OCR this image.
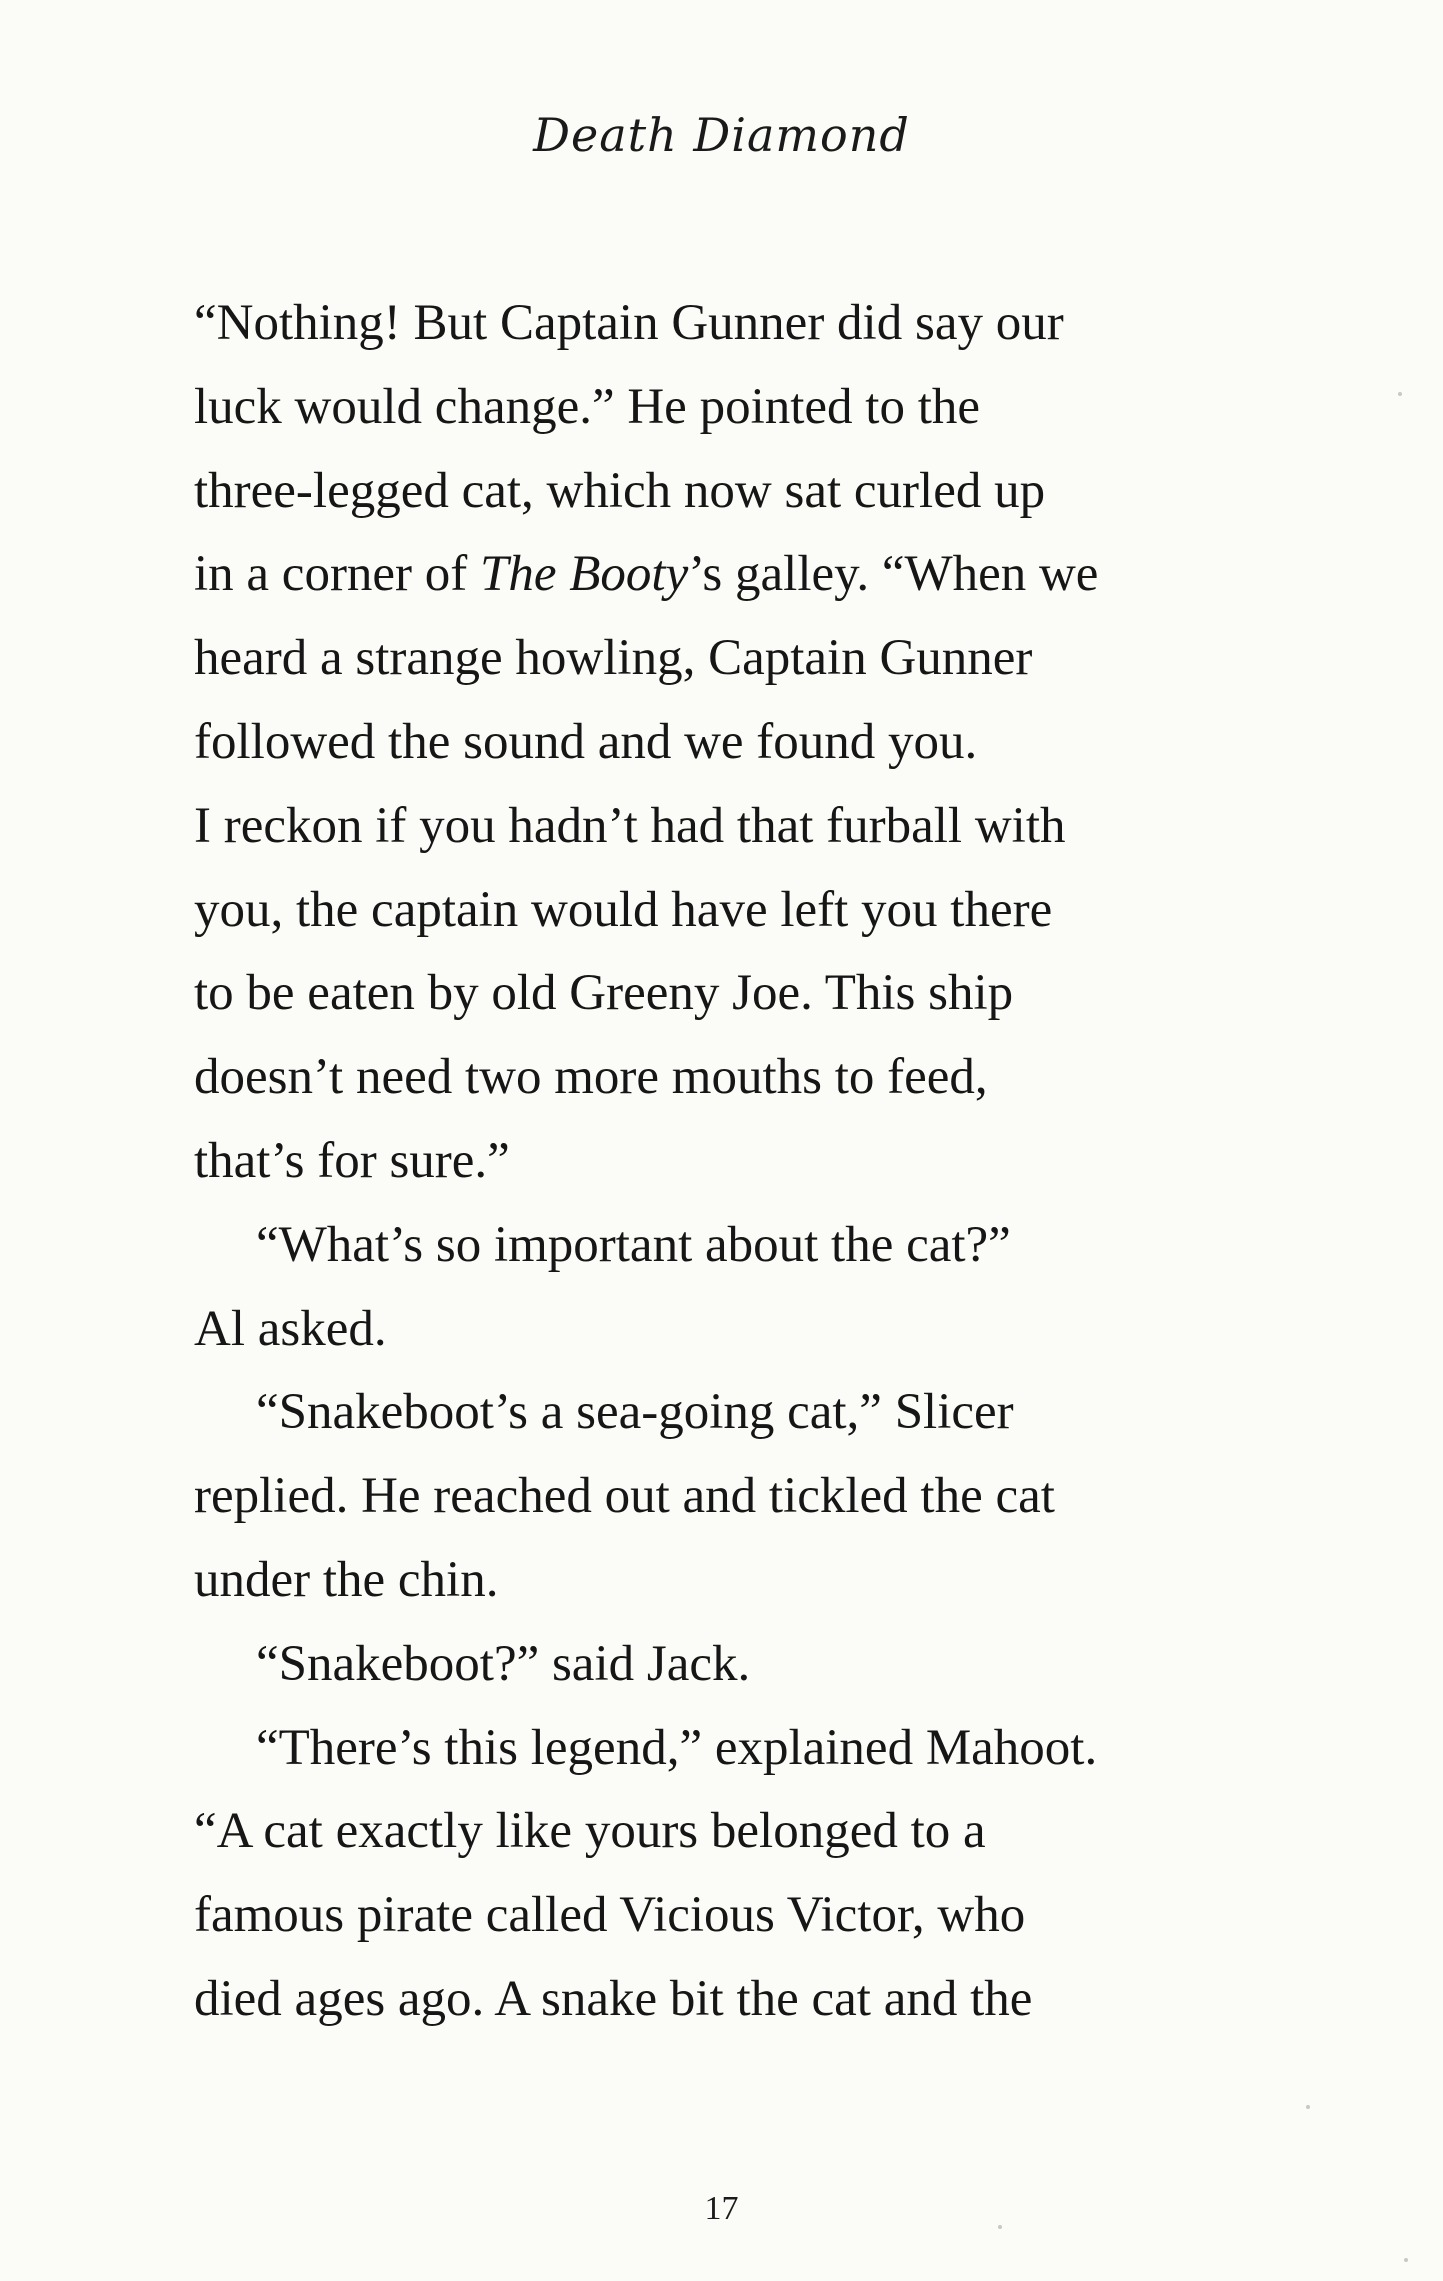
Death Diamond
“Nothing! But Captain Gunner did say our
luck would change.” He pointed to the
three-legged cat, which now sat curled up
in a corner of The Booty’s galley. “When we
heard a strange howling, Captain Gunner
followed the sound and we found you.
I reckon if you hadn’t had that furball with
you, the captain would have left you there
to be eaten by old Greeny Joe. This ship
doesn’t need two more mouths to feed,
that’s for sure.”
“What’s so important about the cat?”
Al asked.
“Snakeboot’s a sea-going cat,” Slicer
replied. He reached out and tickled the cat
under the chin.
“Snakeboot?” said Jack.
“There’s this legend,” explained Mahoot.
“A cat exactly like yours belonged to a
famous pirate called Vicious Victor, who
died ages ago. A snake bit the cat and the
17
